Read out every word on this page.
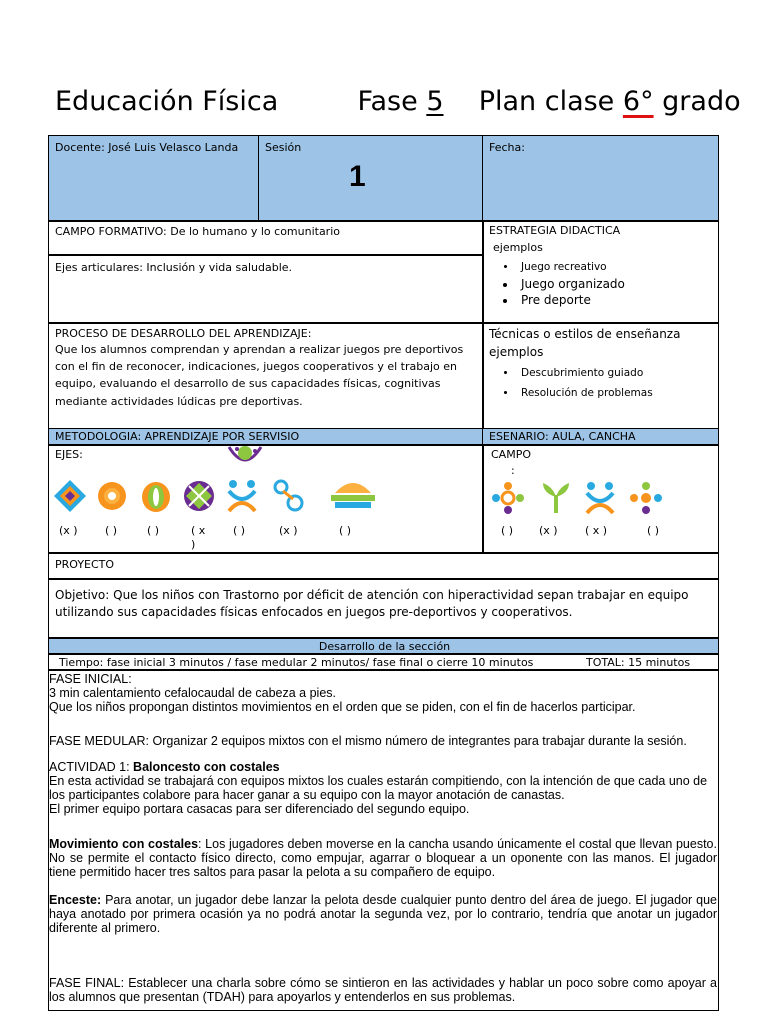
Educación Física	Fase 5 Plan clase 6° grado
Docente: José Luis Velasco Landa Sesión
1
Fecha:
CAMPO FORMATIVO: De lo humano y lo comunitario
Ejes articulares: Inclusión y vida saludable.
ESTRATEGIA DIDACTICA
ejemplos
• Juego recreativo
• Juego organizado
• Pre deporte
PROCESO DE DESARROLLO DEL APRENDIZAJE:
Que los alumnos comprendan y aprendan a realizar juegos pre deportivos con el fin de reconocer, indicaciones, juegos cooperativos y el trabajo en equipo, evaluando el desarrollo de sus capacidades físicas, cognitivas mediante actividades lúdicas pre deportivas.
Técnicas o estilos de enseñanza
ejemplos
• Descubrimiento guiado
• Resolución de problemas
METODOLOGIA: APRENDIZAJE POR SERVISIO	ESENARIO: AULA, CANCHA
EJES:
(x ) ( )	( )	( x
)
( )	(x )	( )
CAMPO
:
( ) (x ) ( x )	( )
PROYECTO
Objetivo: Que los niños con Trastorno por déficit de atención con hiperactividad sepan trabajar en equipo utilizando sus capacidades físicas enfocados en juegos pre-deportivos y cooperativos.
Desarrollo de la sección
Tiempo: fase inicial 3 minutos / fase medular 2 minutos/ fase final o cierre 10 minutos	TOTAL: 15 minutos
FASE INICIAL:
3 min calentamiento cefalocaudal de cabeza a pies.
Que los niños propongan distintos movimientos en el orden que se piden, con el fin de hacerlos participar.
FASE MEDULAR: Organizar 2 equipos mixtos con el mismo número de integrantes para trabajar durante la sesión.
ACTIVIDAD 1: Baloncesto con costales
En esta actividad se trabajará con equipos mixtos los cuales estarán compitiendo, con la intención de que cada uno de los participantes colabore para hacer ganar a su equipo con la mayor anotación de canastas.
El primer equipo portara casacas para ser diferenciado del segundo equipo.
Movimiento con costales: Los jugadores deben moverse en la cancha usando únicamente el costal que llevan puesto. No se permite el contacto físico directo, como empujar, agarrar o bloquear a un oponente con las manos. El jugador tiene permitido hacer tres saltos para pasar la pelota a su compañero de equipo.
Enceste: Para anotar, un jugador debe lanzar la pelota desde cualquier punto dentro del área de juego. El jugador que haya anotado por primera ocasión ya no podrá anotar la segunda vez, por lo contrario, tendría que anotar un jugador diferente al primero.
FASE FINAL: Establecer una charla sobre cómo se sintieron en las actividades y hablar un poco sobre como apoyar a los alumnos que presentan (TDAH) para apoyarlos y entenderlos en sus problemas.
